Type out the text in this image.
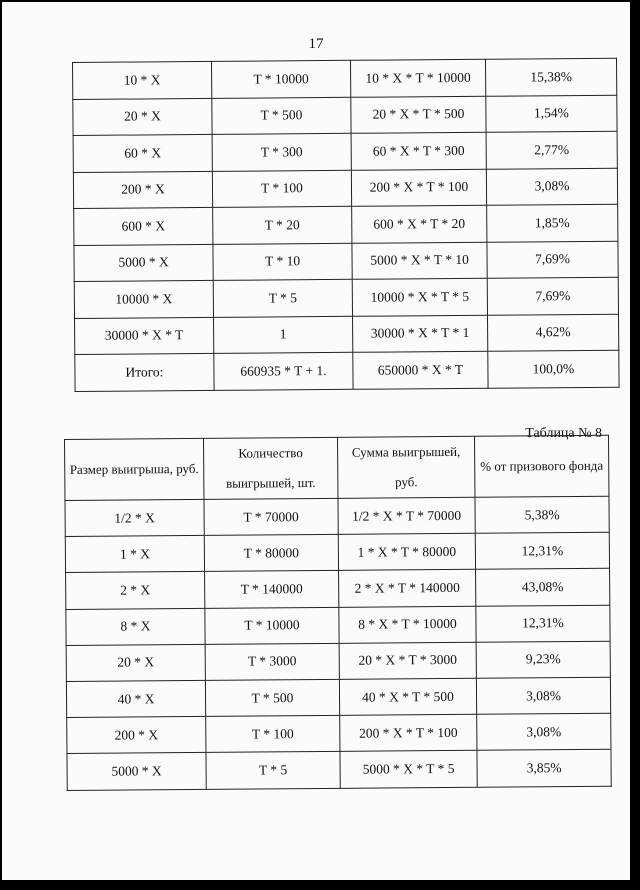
17
10 * X	T * 10000	10 * X * T * 10000	15,38%
20 * X	T * 500	20 * X * T * 500	1,54%
60 * X	T * 300	60 * X * T * 300	2,77%
200 * X	T * 100	200 * X * T * 100	3,08%
600 * X	T * 20	600 * X * T * 20	1,85%
5000 * X	T * 10	5000 * X * T * 10	7,69%
10000 * X	T * 5	10000 * X * T * 5	7,69%
30000 * X * T	1	30000 * X * T * 1	4,62%
Итого:	660935 * T + 1.	650000 * X * T	100,0%
Таблица № 8
Размер выигрыша, руб.	Количество выигрышей, шт.	Сумма выигрышей, руб.	% от призового фонда
1/2 * X	T * 70000	1/2 * X * T * 70000	5,38%
1 * X	T * 80000	1 * X * T * 80000	12,31%
2 * X	T * 140000	2 * X * T * 140000	43,08%
8 * X	T * 10000	8 * X * T * 10000	12,31%
20 * X	T * 3000	20 * X * T * 3000	9,23%
40 * X	T * 500	40 * X * T * 500	3,08%
200 * X	T * 100	200 * X * T * 100	3,08%
5000 * X	T * 5	5000 * X * T * 5	3,85%
